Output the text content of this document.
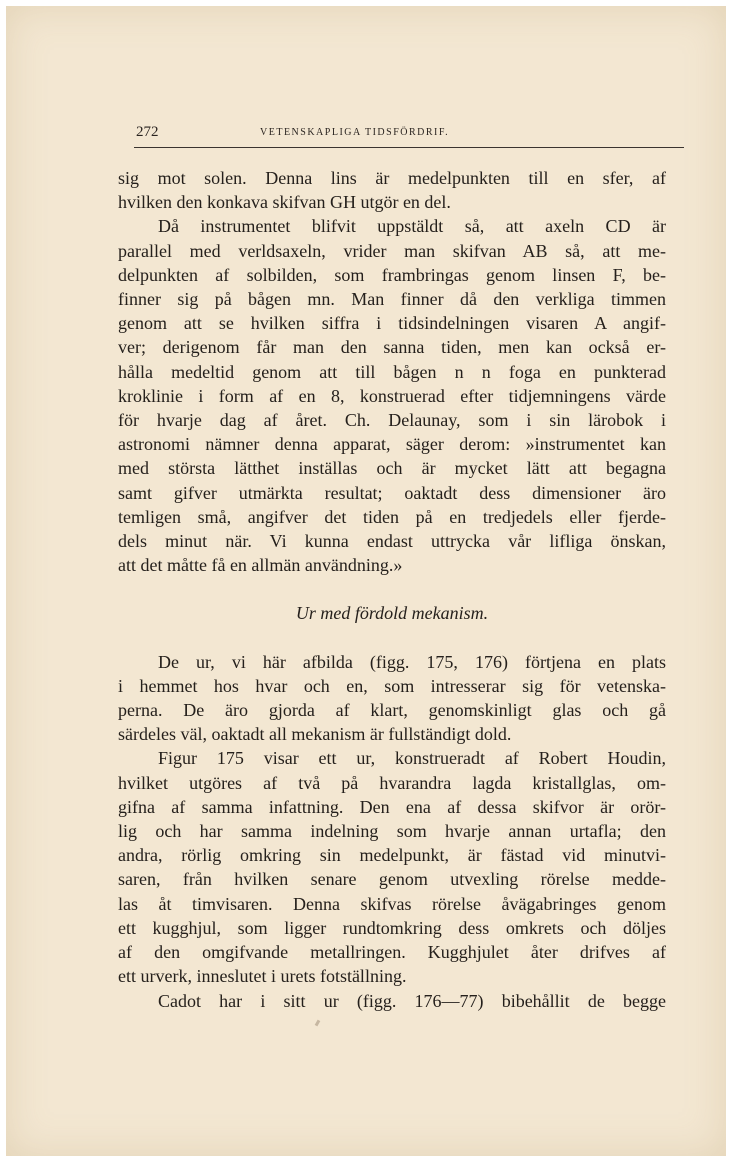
272	VETENSKAPLIGA TIDSFÖRDRIF.
sig mot solen. Denna lins är medelpunkten till en sfer, af
hvilken den konkava skifvan GH utgör en del.
Då instrumentet blifvit uppstäldt så, att axeln CD är
parallel med verldsaxeln, vrider man skifvan AB så, att me-
delpunkten af solbilden, som frambringas genom linsen F, be-
finner sig på bågen mn. Man finner då den verkliga timmen
genom att se hvilken siffra i tidsindelningen visaren A angif-
ver; derigenom får man den sanna tiden, men kan också er-
hålla medeltid genom att till bågen n n foga en punkterad
kroklinie i form af en 8, konstruerad efter tidjemningens värde
för hvarje dag af året. Ch. Delaunay, som i sin lärobok i
astronomi nämner denna apparat, säger derom: »instrumentet kan
med största lätthet inställas och är mycket lätt att begagna
samt gifver utmärkta resultat; oaktadt dess dimensioner äro
temligen små, angifver det tiden på en tredjedels eller fjerde-
dels minut när. Vi kunna endast uttrycka vår lifliga önskan,
att det måtte få en allmän användning.»
Ur med fördold mekanism.
De ur, vi här afbilda (figg. 175, 176) förtjena en plats
i hemmet hos hvar och en, som intresserar sig för vetenska-
perna. De äro gjorda af klart, genomskinligt glas och gå
särdeles väl, oaktadt all mekanism är fullständigt dold.
Figur 175 visar ett ur, konstrueradt af Robert Houdin,
hvilket utgöres af två på hvarandra lagda kristallglas, om-
gifna af samma infattning. Den ena af dessa skifvor är orör-
lig och har samma indelning som hvarje annan urtafla; den
andra, rörlig omkring sin medelpunkt, är fästad vid minutvi-
saren, från hvilken senare genom utvexling rörelse medde-
las åt timvisaren. Denna skifvas rörelse åvägabringes genom
ett kugghjul, som ligger rundtomkring dess omkrets och döljes
af den omgifvande metallringen. Kugghjulet åter drifves af
ett urverk, inneslutet i urets fotställning.
Cadot har i sitt ur (figg. 176—77) bibehållit de begge
